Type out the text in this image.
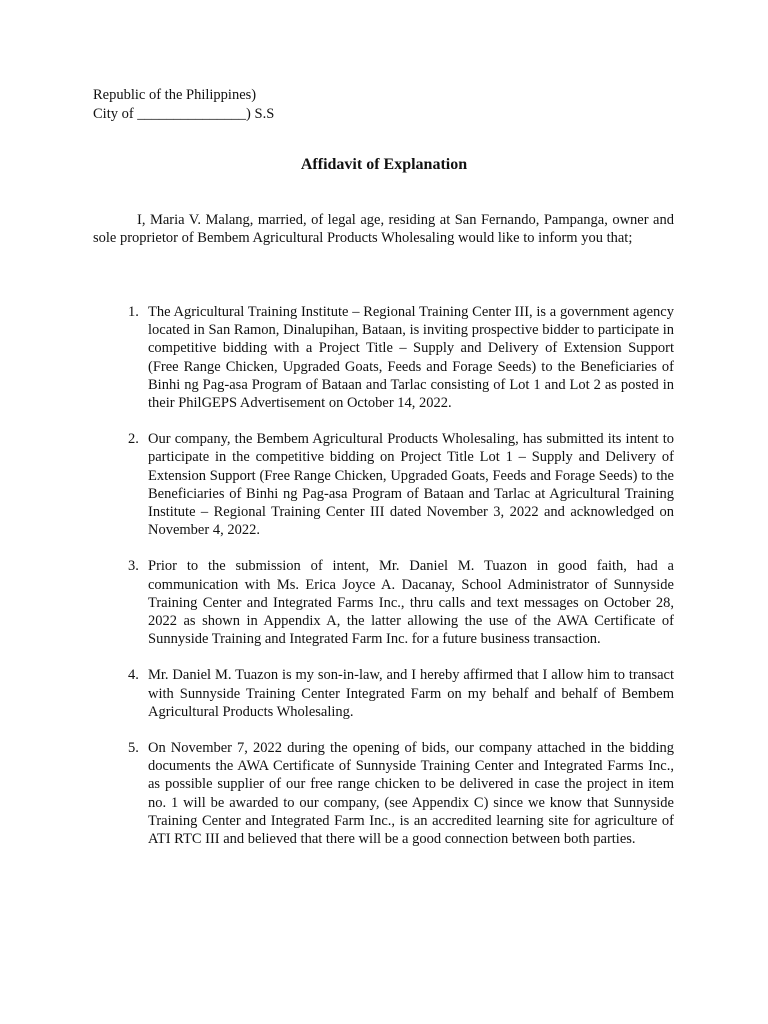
Republic of the Philippines)
City of _______________) S.S
Affidavit of Explanation

I, Maria V. Malang, married, of legal age, residing at San Fernando, Pampanga, owner and sole proprietor of Bembem Agricultural Products Wholesaling would like to inform you that;

1. The Agricultural Training Institute – Regional Training Center III, is a government agency located in San Ramon, Dinalupihan, Bataan, is inviting prospective bidder to participate in competitive bidding with a Project Title – Supply and Delivery of Extension Support (Free Range Chicken, Upgraded Goats, Feeds and Forage Seeds) to the Beneficiaries of Binhi ng Pag-asa Program of Bataan and Tarlac consisting of Lot 1 and Lot 2 as posted in their PhilGEPS Advertisement on October 14, 2022.
2. Our company, the Bembem Agricultural Products Wholesaling, has submitted its intent to participate in the competitive bidding on Project Title Lot 1 – Supply and Delivery of Extension Support (Free Range Chicken, Upgraded Goats, Feeds and Forage Seeds) to the Beneficiaries of Binhi ng Pag-asa Program of Bataan and Tarlac at Agricultural Training Institute – Regional Training Center III dated November 3, 2022 and acknowledged on November 4, 2022.
3. Prior to the submission of intent, Mr. Daniel M. Tuazon in good faith, had a communication with Ms. Erica Joyce A. Dacanay, School Administrator of Sunnyside Training Center and Integrated Farms Inc., thru calls and text messages on October 28, 2022 as shown in Appendix A, the latter allowing the use of the AWA Certificate of Sunnyside Training and Integrated Farm Inc. for a future business transaction.
4. Mr. Daniel M. Tuazon is my son-in-law, and I hereby affirmed that I allow him to transact with Sunnyside Training Center Integrated Farm on my behalf and behalf of Bembem Agricultural Products Wholesaling.
5. On November 7, 2022 during the opening of bids, our company attached in the bidding documents the AWA Certificate of Sunnyside Training Center and Integrated Farms Inc., as possible supplier of our free range chicken to be delivered in case the project in item no. 1 will be awarded to our company, (see Appendix C) since we know that Sunnyside Training Center and Integrated Farm Inc., is an accredited learning site for agriculture of ATI RTC III and believed that there will be a good connection between both parties.
